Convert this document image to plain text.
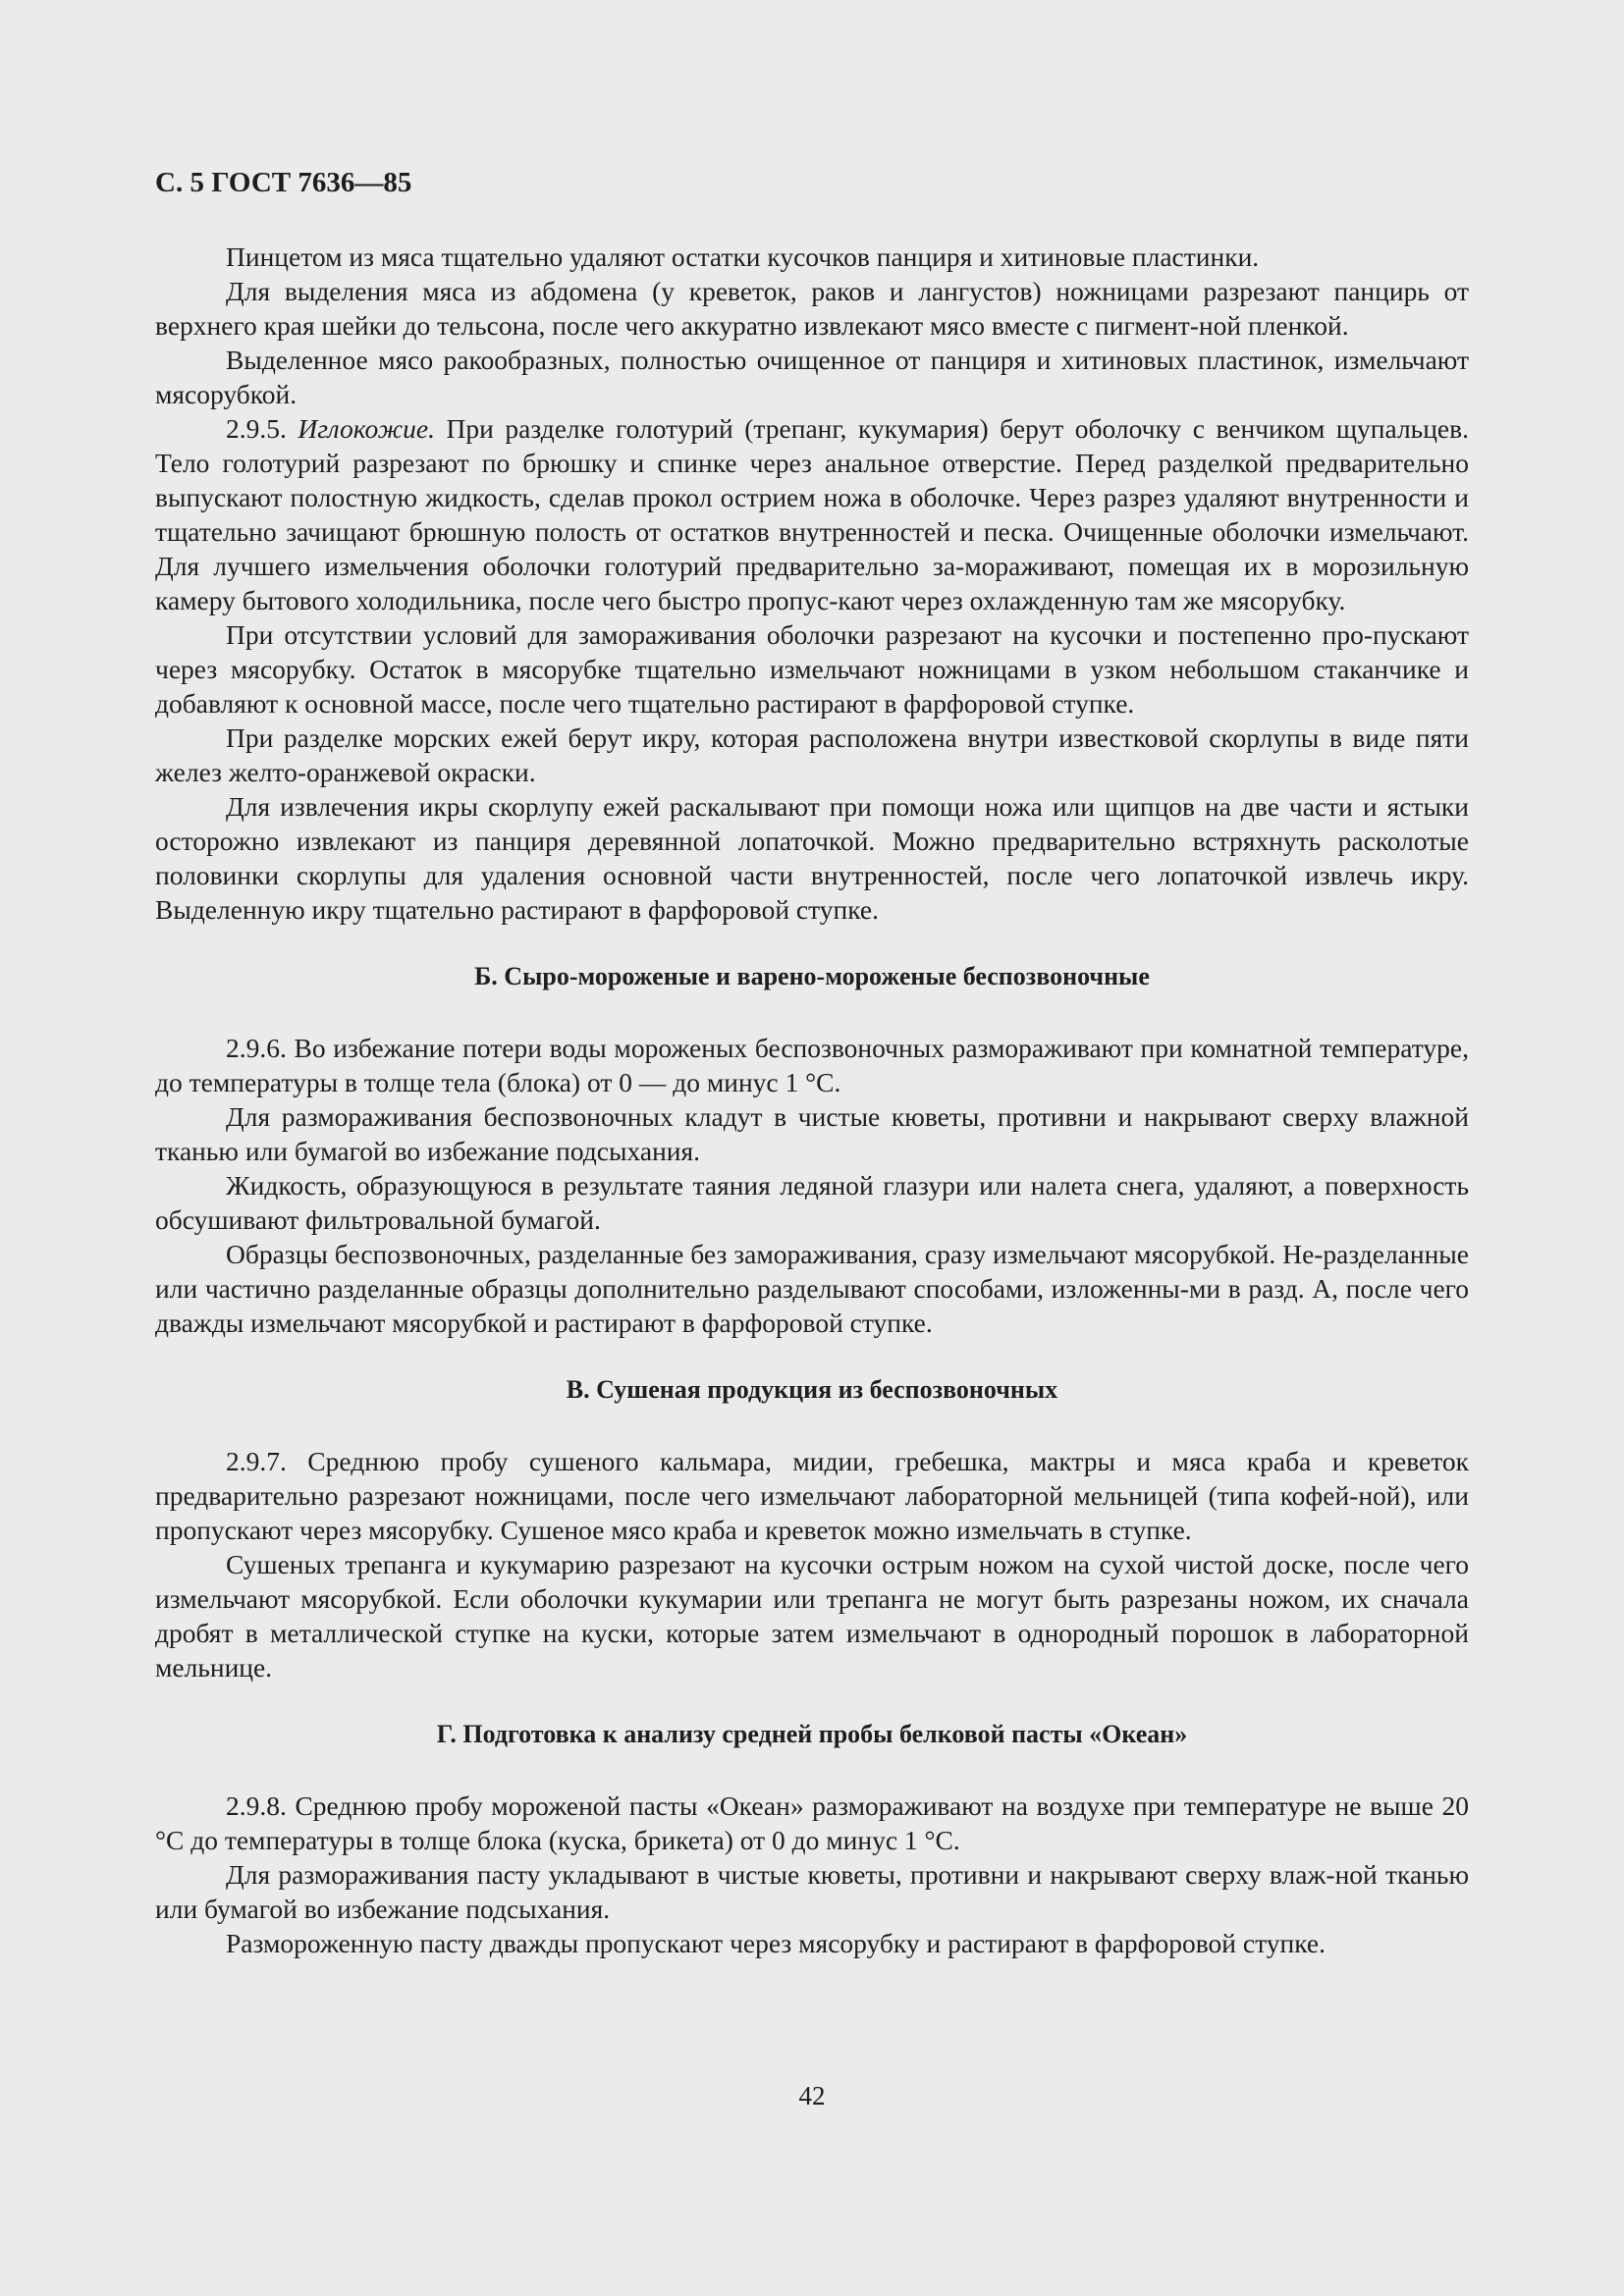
С. 5 ГОСТ 7636—85

Пинцетом из мяса тщательно удаляют остатки кусочков панциря и хитиновые пластинки.

Для выделения мяса из абдомена (у креветок, раков и лангустов) ножницами разрезают панцирь от верхнего края шейки до тельсона, после чего аккуратно извлекают мясо вместе с пигмент-ной пленкой.

Выделенное мясо ракообразных, полностью очищенное от панциря и хитиновых пластинок, измельчают мясорубкой.

2.9.5. Иглокожие. При разделке голотурий (трепанг, кукумария) берут оболочку с венчиком щупальцев. Тело голотурий разрезают по брюшку и спинке через анальное отверстие. Перед разделкой предварительно выпускают полостную жидкость, сделав прокол острием ножа в оболочке. Через разрез удаляют внутренности и тщательно зачищают брюшную полость от остатков внутренностей и песка. Очищенные оболочки измельчают. Для лучшего измельчения оболочки голотурий предварительно за-мораживают, помещая их в морозильную камеру бытового холодильника, после чего быстро пропус-кают через охлажденную там же мясорубку.

При отсутствии условий для замораживания оболочки разрезают на кусочки и постепенно про-пускают через мясорубку. Остаток в мясорубке тщательно измельчают ножницами в узком небольшом стаканчике и добавляют к основной массе, после чего тщательно растирают в фарфоровой ступке.

При разделке морских ежей берут икру, которая расположена внутри известковой скорлупы в виде пяти желез желто-оранжевой окраски.

Для извлечения икры скорлупу ежей раскалывают при помощи ножа или щипцов на две части и ястыки осторожно извлекают из панциря деревянной лопаточкой. Можно предварительно встряхнуть расколотые половинки скорлупы для удаления основной части внутренностей, после чего лопаточкой извлечь икру. Выделенную икру тщательно растирают в фарфоровой ступке.

Б. Сыро-мороженые и варено-мороженые беспозвоночные

2.9.6. Во избежание потери воды мороженых беспозвоночных размораживают при комнатной температуре, до температуры в толще тела (блока) от 0 — до минус 1 °С.

Для размораживания беспозвоночных кладут в чистые кюветы, противни и накрывают сверху влажной тканью или бумагой во избежание подсыхания.

Жидкость, образующуюся в результате таяния ледяной глазури или налета снега, удаляют, а поверхность обсушивают фильтровальной бумагой.

Образцы беспозвоночных, разделанные без замораживания, сразу измельчают мясорубкой. Не-разделанные или частично разделанные образцы дополнительно разделывают способами, изложенны-ми в разд. А, после чего дважды измельчают мясорубкой и растирают в фарфоровой ступке.

В. Сушеная продукция из беспозвоночных

2.9.7. Среднюю пробу сушеного кальмара, мидии, гребешка, мактры и мяса краба и креветок предварительно разрезают ножницами, после чего измельчают лабораторной мельницей (типа кофей-ной), или пропускают через мясорубку. Сушеное мясо краба и креветок можно измельчать в ступке.

Сушеных трепанга и кукумарию разрезают на кусочки острым ножом на сухой чистой доске, после чего измельчают мясорубкой. Если оболочки кукумарии или трепанга не могут быть разрезаны ножом, их сначала дробят в металлической ступке на куски, которые затем измельчают в однородный порошок в лабораторной мельнице.

Г. Подготовка к анализу средней пробы белковой пасты «Океан»

2.9.8. Среднюю пробу мороженой пасты «Океан» размораживают на воздухе при температуре не выше 20 °С до температуры в толще блока (куска, брикета) от 0 до минус 1 °С.

Для размораживания пасту укладывают в чистые кюветы, противни и накрывают сверху влаж-ной тканью или бумагой во избежание подсыхания.

Размороженную пасту дважды пропускают через мясорубку и растирают в фарфоровой ступке.

42
